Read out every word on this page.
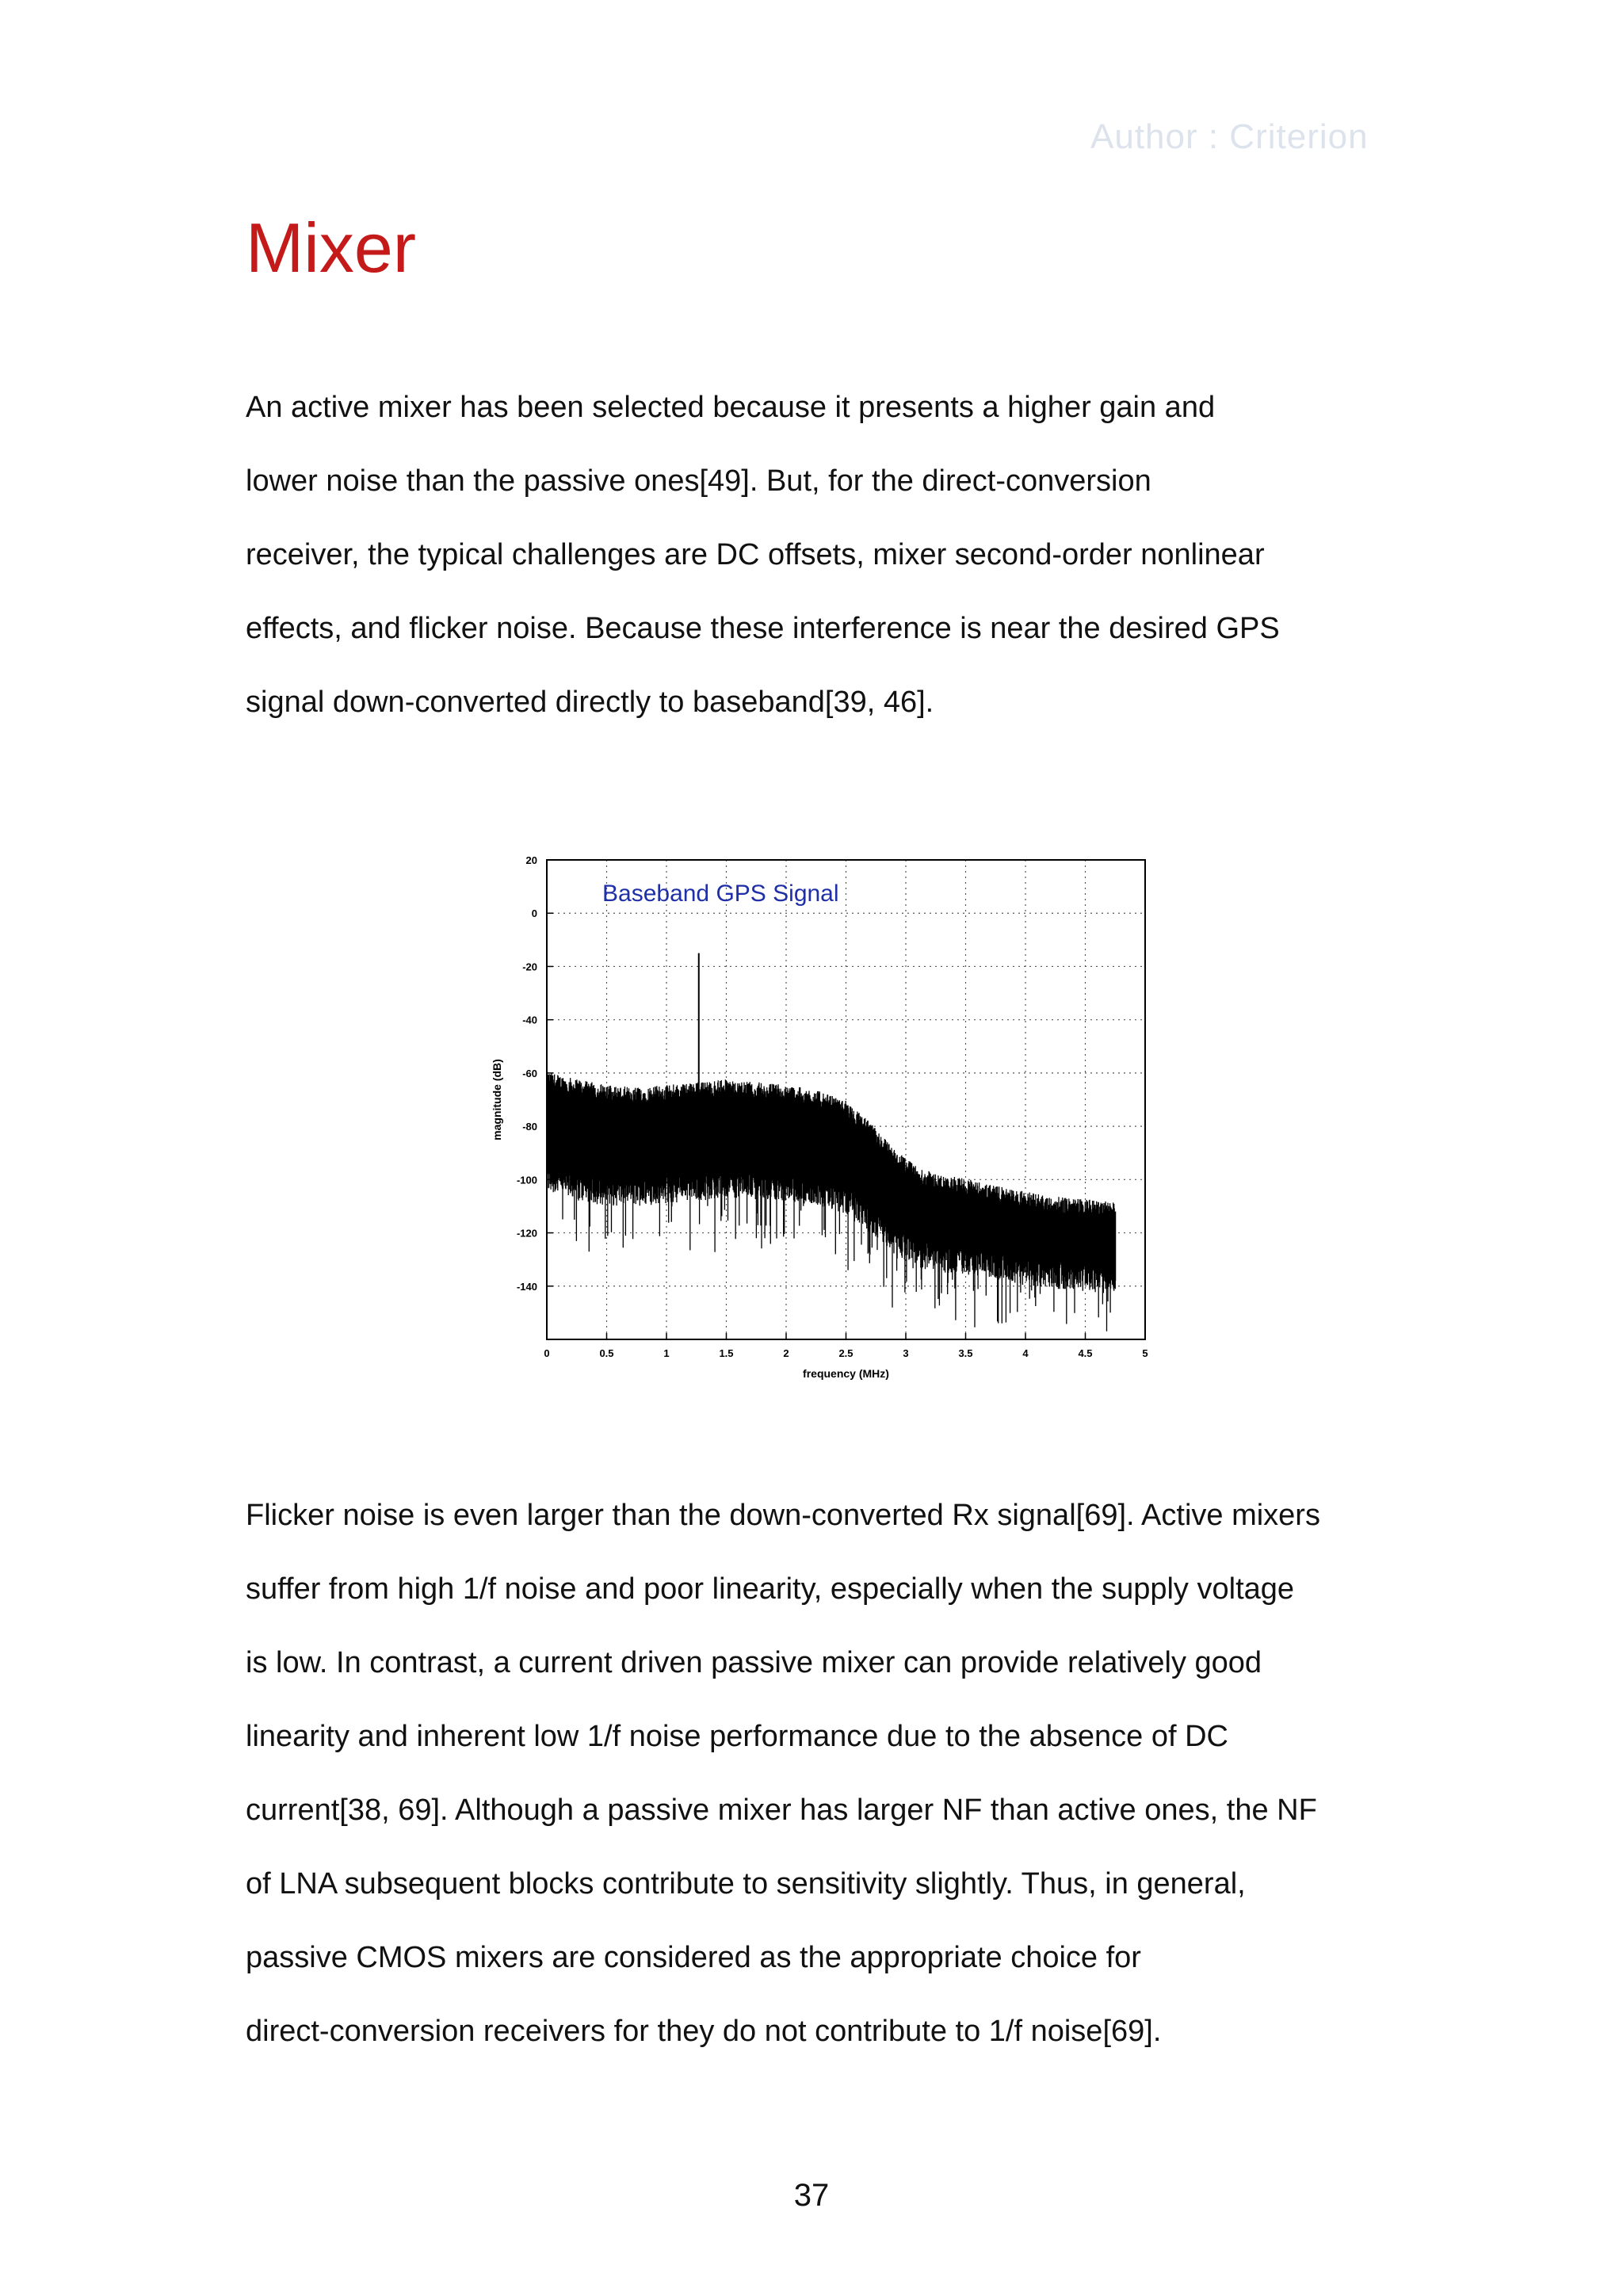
Author : Criterion
Mixer
An active mixer has been selected because it presents a higher gain and
lower noise than the passive ones[49]. But, for the direct-conversion
receiver, the typical challenges are DC offsets, mixer second-order nonlinear
effects, and flicker noise. Because these interference is near the desired GPS
signal down-converted directly to baseband[39, 46].
0	0.5	1	1.5	2	2.5	3	3.5	4	4.5	5
20
0
-20
-40
-60
-80
-100
-120
-140
Baseband GPS Signal
frequency (MHz)
magnitude (dB)
Flicker noise is even larger than the down-converted Rx signal[69]. Active mixers
suffer from high 1/f noise and poor linearity, especially when the supply voltage
is low. In contrast, a current driven passive mixer can provide relatively good
linearity and inherent low 1/f noise performance due to the absence of DC
current[38, 69]. Although a passive mixer has larger NF than active ones, the NF
of LNA subsequent blocks contribute to sensitivity slightly. Thus, in general,
passive CMOS mixers are considered as the appropriate choice for
direct-conversion receivers for they do not contribute to 1/f noise[69].
37
